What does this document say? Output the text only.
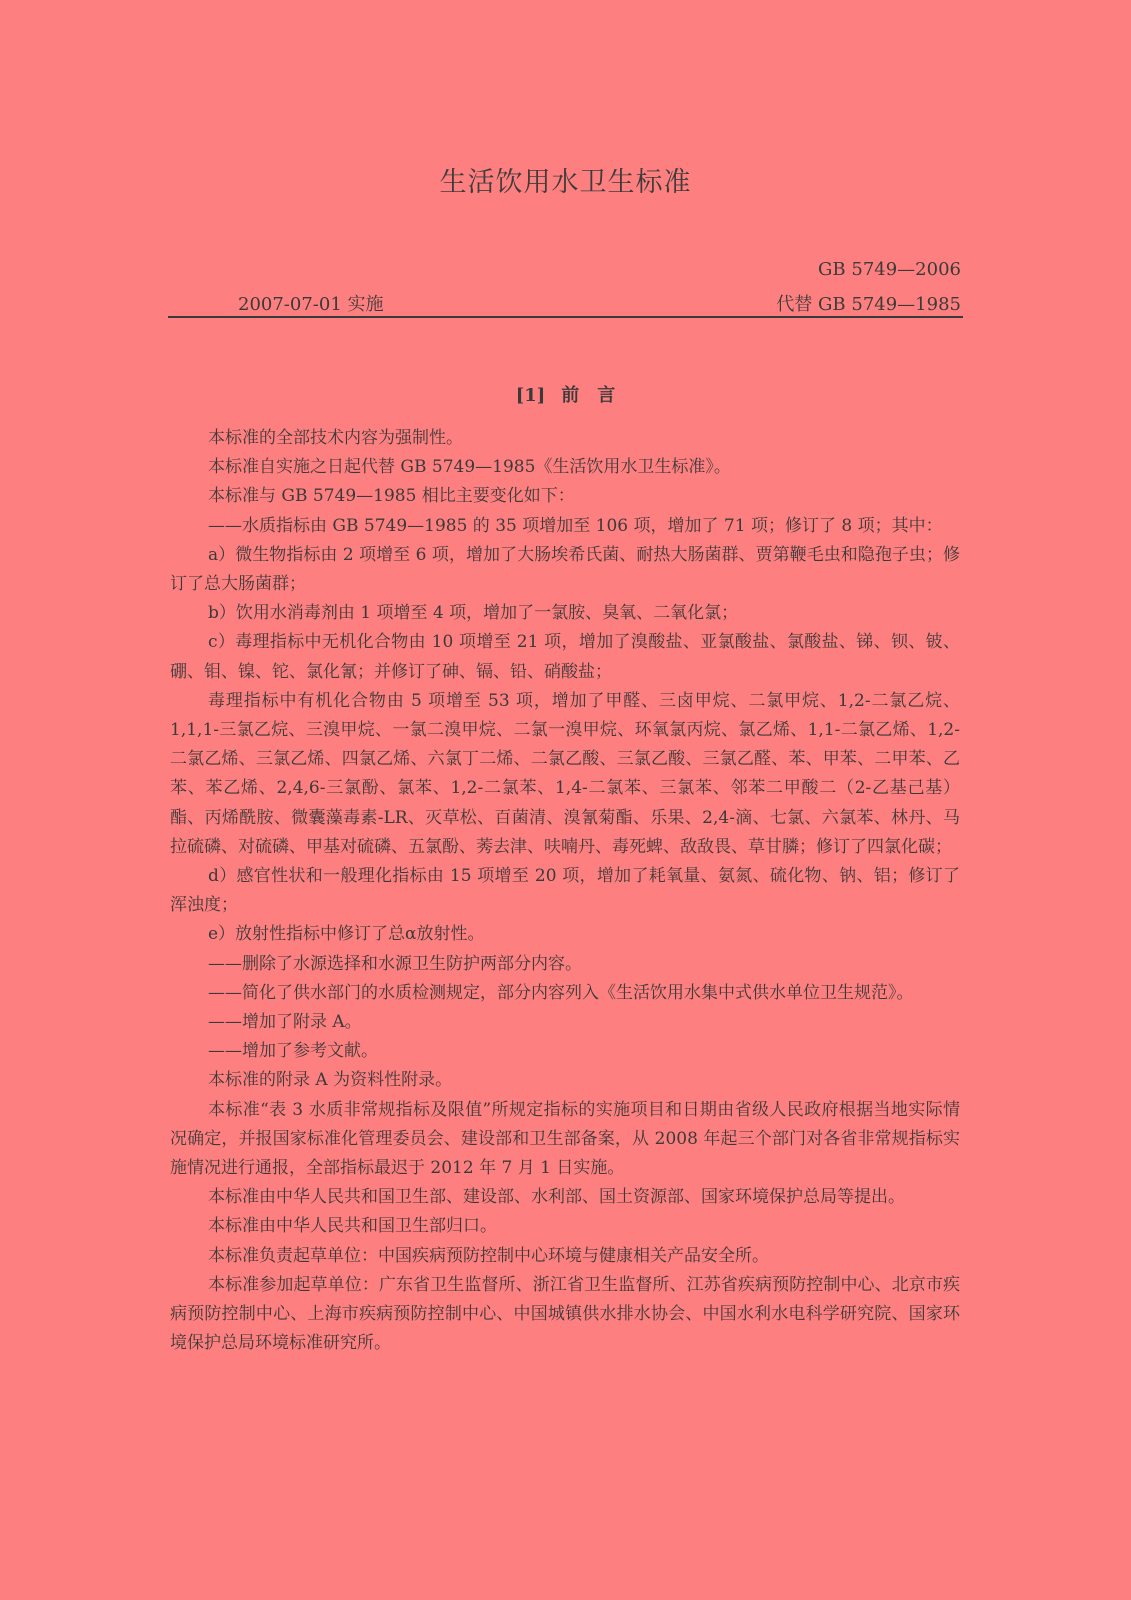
生活饮用水卫生标准
GB 5749—2006
2007-07-01 实施	代替 GB 5749—1985
[1] 前　言

本标准的全部技术内容为强制性。

本标准自实施之日起代替 GB 5749—1985《生活饮用水卫生标准》。

本标准与 GB 5749—1985 相比主要变化如下：

——水质指标由 GB 5749—1985 的 35 项增加至 106 项，增加了 71 项；修订了 8 项；其中：

a）微生物指标由 2 项增至 6 项，增加了大肠埃希氏菌、耐热大肠菌群、贾第鞭毛虫和隐孢子虫；修订了总大肠菌群；

b）饮用水消毒剂由 1 项增至 4 项，增加了一氯胺、臭氧、二氧化氯；

c）毒理指标中无机化合物由 10 项增至 21 项，增加了溴酸盐、亚氯酸盐、氯酸盐、锑、钡、铍、硼、钼、镍、铊、氯化氰；并修订了砷、镉、铅、硝酸盐；

毒理指标中有机化合物由 5 项增至 53 项，增加了甲醛、三卤甲烷、二氯甲烷、1,2-二氯乙烷、1,1,1-三氯乙烷、三溴甲烷、一氯二溴甲烷、二氯一溴甲烷、环氧氯丙烷、氯乙烯、1,1-二氯乙烯、1,2-二氯乙烯、三氯乙烯、四氯乙烯、六氯丁二烯、二氯乙酸、三氯乙酸、三氯乙醛、苯、甲苯、二甲苯、乙苯、苯乙烯、2,4,6-三氯酚、氯苯、1,2-二氯苯、1,4-二氯苯、三氯苯、邻苯二甲酸二（2-乙基己基）酯、丙烯酰胺、微囊藻毒素-LR、灭草松、百菌清、溴氰菊酯、乐果、2,4-滴、七氯、六氯苯、林丹、马拉硫磷、对硫磷、甲基对硫磷、五氯酚、莠去津、呋喃丹、毒死蜱、敌敌畏、草甘膦；修订了四氯化碳；

d）感官性状和一般理化指标由 15 项增至 20 项，增加了耗氧量、氨氮、硫化物、钠、铝；修订了浑浊度；

e）放射性指标中修订了总α放射性。

——删除了水源选择和水源卫生防护两部分内容。

——简化了供水部门的水质检测规定，部分内容列入《生活饮用水集中式供水单位卫生规范》。

——增加了附录 A。

——增加了参考文献。

本标准的附录 A 为资料性附录。

本标准“表 3 水质非常规指标及限值”所规定指标的实施项目和日期由省级人民政府根据当地实际情况确定，并报国家标准化管理委员会、建设部和卫生部备案，从 2008 年起三个部门对各省非常规指标实施情况进行通报，全部指标最迟于 2012 年 7 月 1 日实施。

本标准由中华人民共和国卫生部、建设部、水利部、国土资源部、国家环境保护总局等提出。

本标准由中华人民共和国卫生部归口。

本标准负责起草单位：中国疾病预防控制中心环境与健康相关产品安全所。

本标准参加起草单位：广东省卫生监督所、浙江省卫生监督所、江苏省疾病预防控制中心、北京市疾病预防控制中心、上海市疾病预防控制中心、中国城镇供水排水协会、中国水利水电科学研究院、国家环境保护总局环境标准研究所。
